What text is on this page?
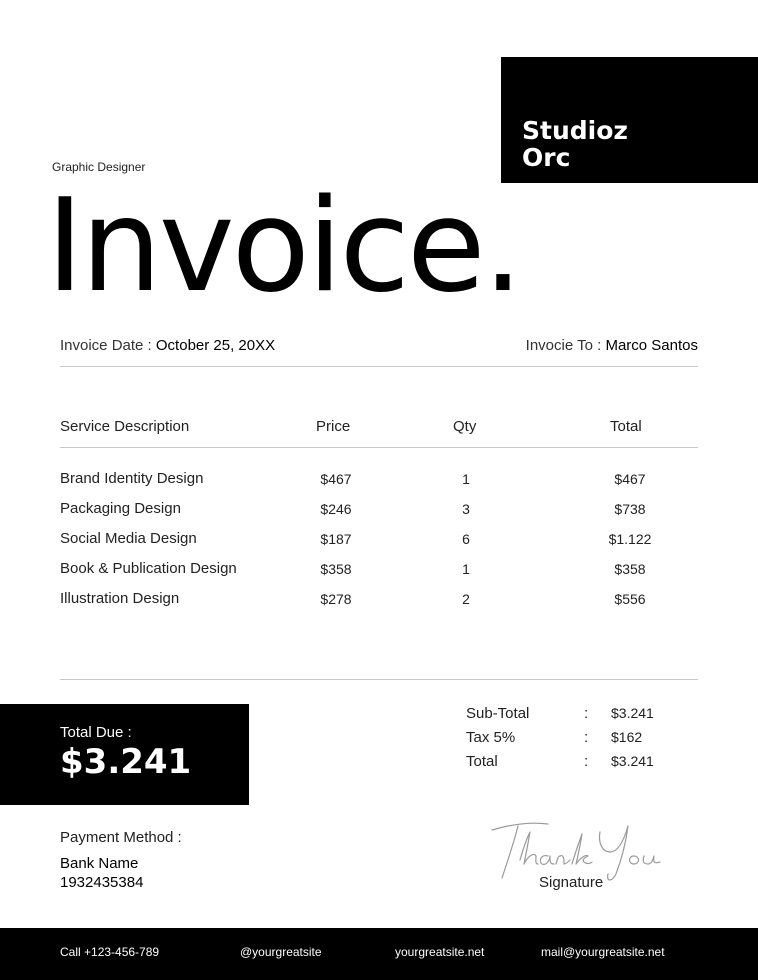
Studioz
Orc
Graphic Designer
Invoice.
Invoice Date : October 25, 20XX	Invocie To : Marco Santos
Service Description	Price	Qty	Total
Brand Identity Design	$467	1	$467
Packaging Design	$246	3	$738
Social Media Design	$187	6	$1.122
Book & Publication Design	$358	1	$358
Illustration Design	$278	2	$556
Total Due :
$3.241
Sub-Total	: $3.241
Tax 5%	: $162
Total	: $3.241
Payment Method :
Bank Name
1932435384	Signature
Call +123-456-789	@yourgreatsite	yourgreatsite.net	mail@yourgreatsite.net
